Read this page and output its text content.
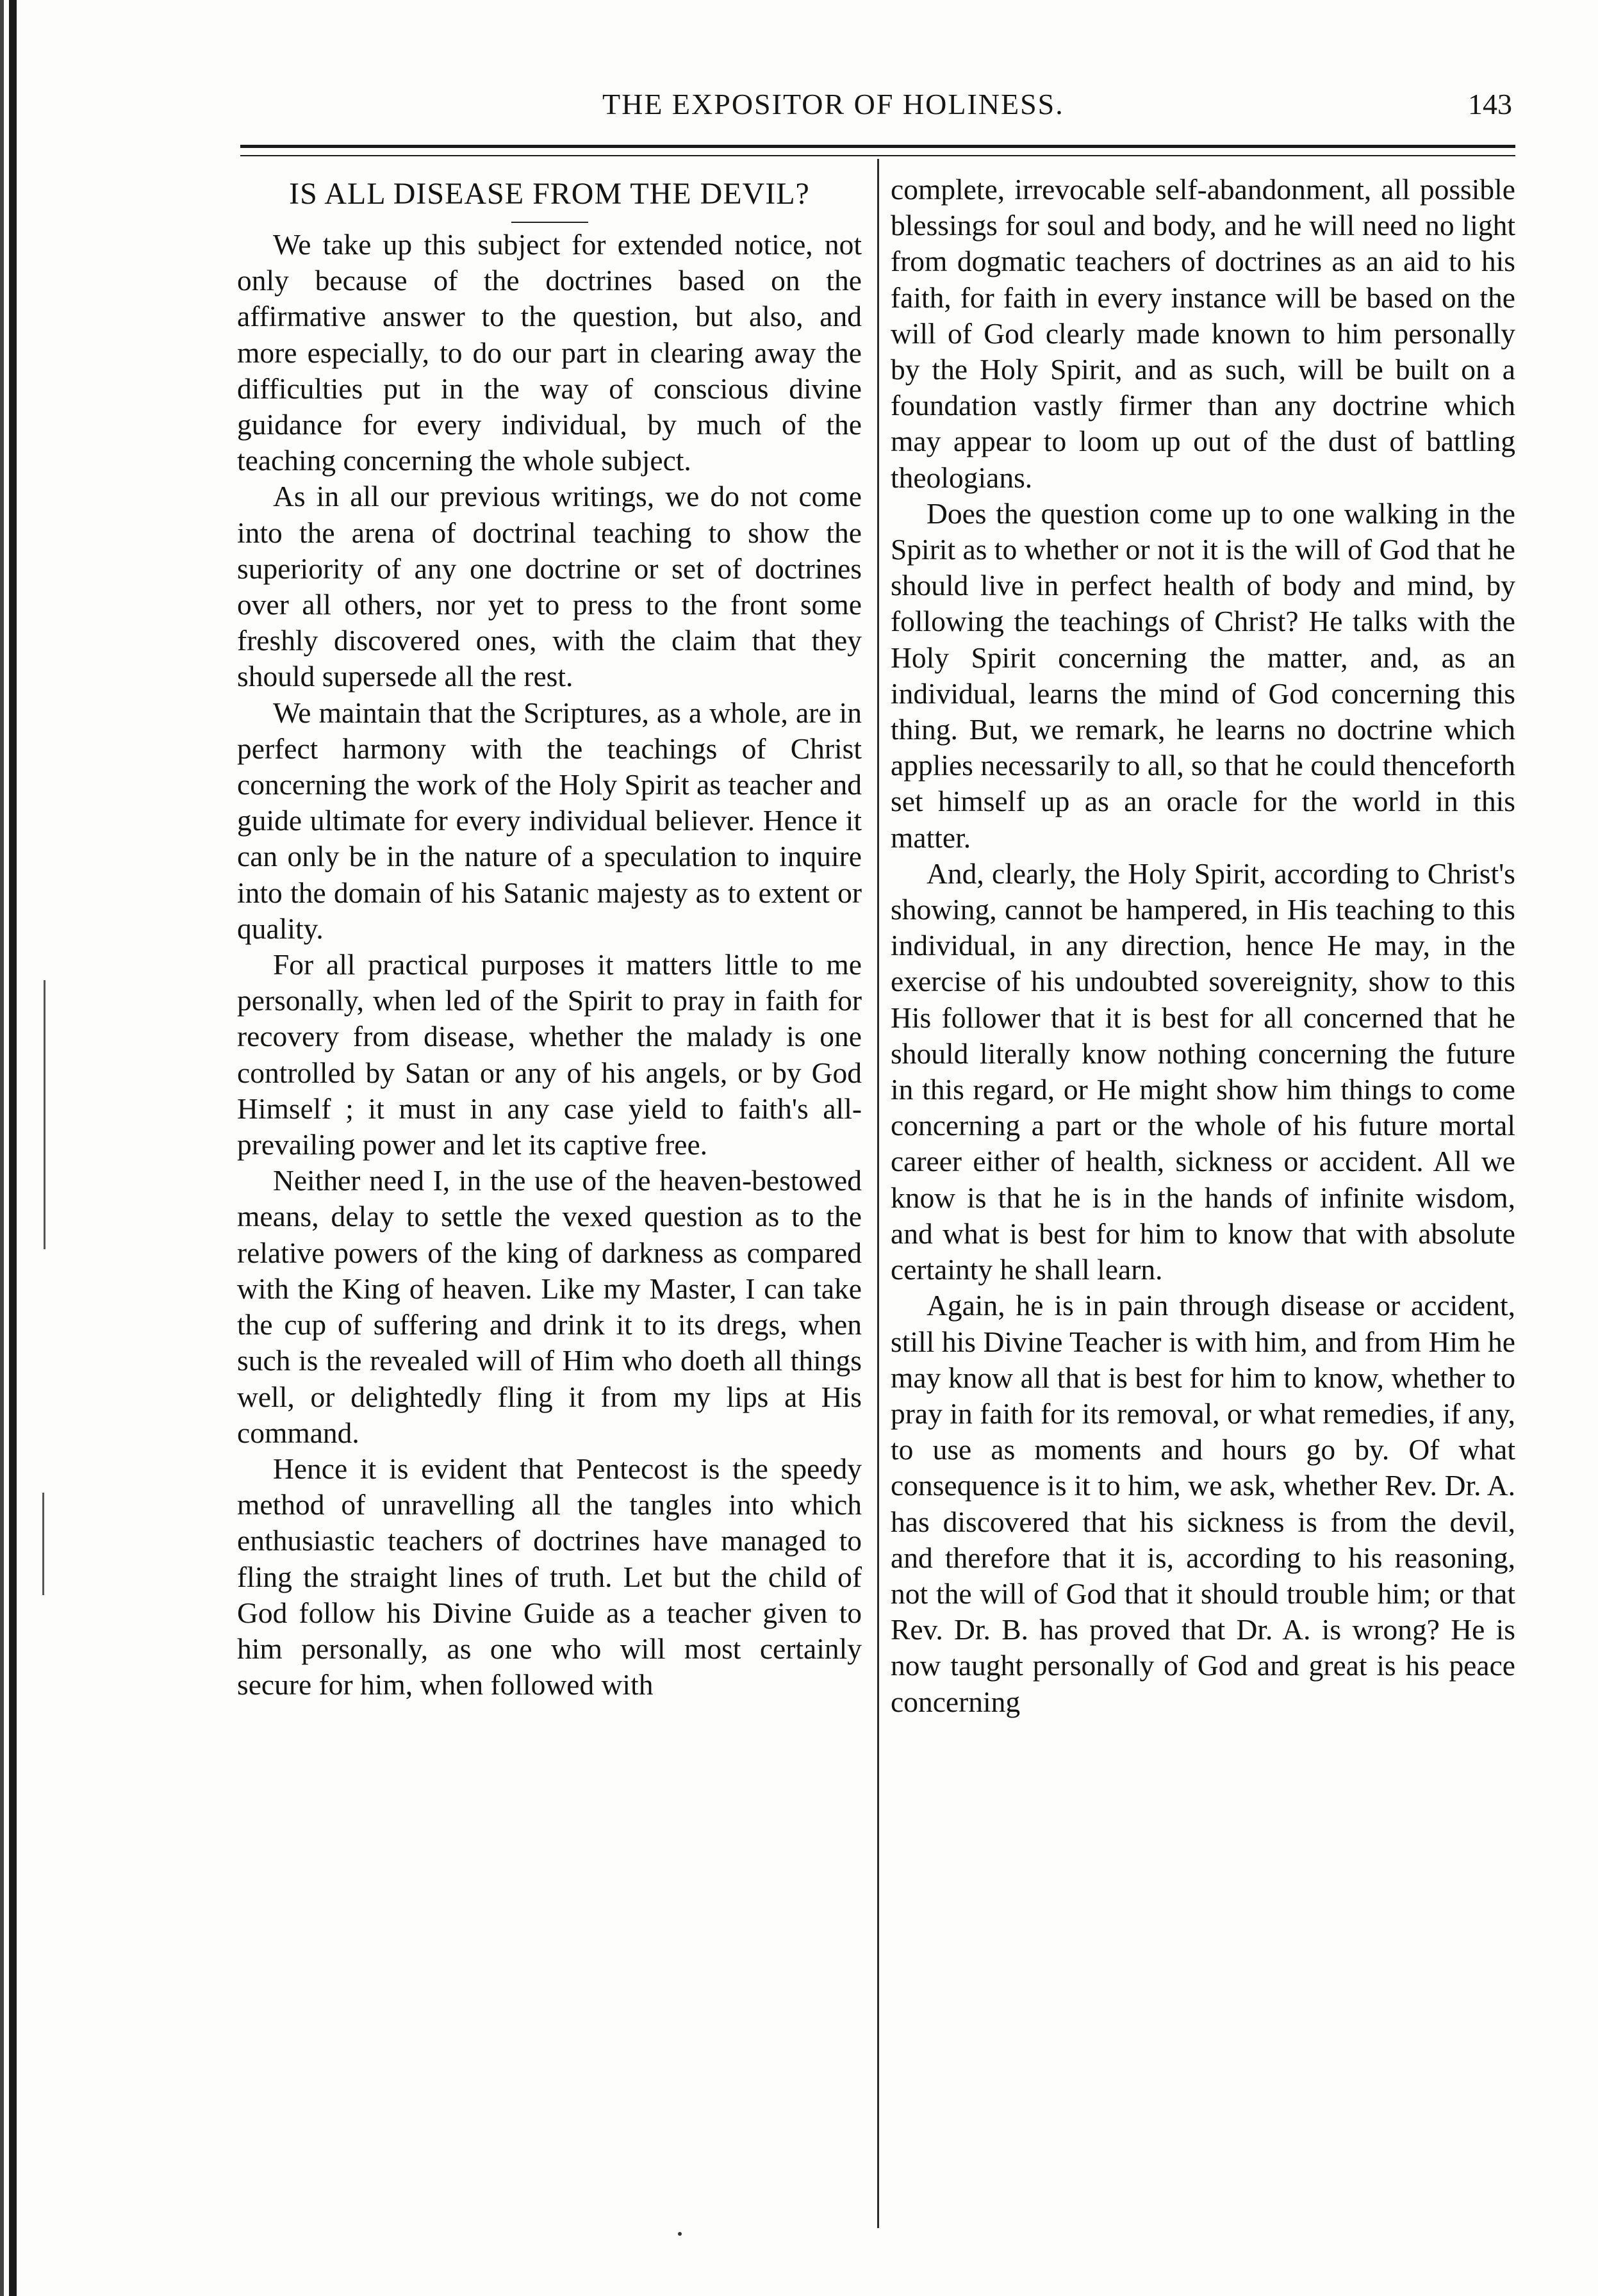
THE EXPOSITOR OF HOLINESS.	143
IS ALL DISEASE FROM THE DEVIL?

We take up this subject for extended notice, not only because of the doctrines based on the affirmative answer to the question, but also, and more especially, to do our part in clearing away the difficulties put in the way of conscious divine guidance for every individual, by much of the teaching concerning the whole subject.

As in all our previous writings, we do not come into the arena of doctrinal teaching to show the superiority of any one doctrine or set of doctrines over all others, nor yet to press to the front some freshly discovered ones, with the claim that they should supersede all the rest.

We maintain that the Scriptures, as a whole, are in perfect harmony with the teachings of Christ concerning the work of the Holy Spirit as teacher and guide ultimate for every individual believer. Hence it can only be in the nature of a speculation to inquire into the domain of his Satanic majesty as to extent or quality.

For all practical purposes it matters little to me personally, when led of the Spirit to pray in faith for recovery from disease, whether the malady is one controlled by Satan or any of his angels, or by God Himself ; it must in any case yield to faith's all-prevailing power and let its captive free.

Neither need I, in the use of the heaven-bestowed means, delay to settle the vexed question as to the relative powers of the king of darkness as compared with the King of heaven. Like my Master, I can take the cup of suffering and drink it to its dregs, when such is the revealed will of Him who doeth all things well, or delightedly fling it from my lips at His command.

Hence it is evident that Pentecost is the speedy method of unravelling all the tangles into which enthusiastic teachers of doctrines have managed to fling the straight lines of truth. Let but the child of God follow his Divine Guide as a teacher given to him personally, as one who will most certainly secure for him, when followed with

complete, irrevocable self-abandonment, all possible blessings for soul and body, and he will need no light from dogmatic teachers of doctrines as an aid to his faith, for faith in every instance will be based on the will of God clearly made known to him personally by the Holy Spirit, and as such, will be built on a foundation vastly firmer than any doctrine which may appear to loom up out of the dust of battling theologians.

Does the question come up to one walking in the Spirit as to whether or not it is the will of God that he should live in perfect health of body and mind, by following the teachings of Christ? He talks with the Holy Spirit concerning the matter, and, as an individual, learns the mind of God concerning this thing. But, we remark, he learns no doctrine which applies necessarily to all, so that he could thenceforth set himself up as an oracle for the world in this matter.

And, clearly, the Holy Spirit, according to Christ's showing, cannot be hampered, in His teaching to this individual, in any direction, hence He may, in the exercise of his undoubted sovereignity, show to this His follower that it is best for all concerned that he should literally know nothing concerning the future in this regard, or He might show him things to come concerning a part or the whole of his future mortal career either of health, sickness or accident. All we know is that he is in the hands of infinite wisdom, and what is best for him to know that with absolute certainty he shall learn.

Again, he is in pain through disease or accident, still his Divine Teacher is with him, and from Him he may know all that is best for him to know, whether to pray in faith for its removal, or what remedies, if any, to use as moments and hours go by. Of what consequence is it to him, we ask, whether Rev. Dr. A. has discovered that his sickness is from the devil, and therefore that it is, according to his reasoning, not the will of God that it should trouble him; or that Rev. Dr. B. has proved that Dr. A. is wrong? He is now taught personally of God and great is his peace concerning
